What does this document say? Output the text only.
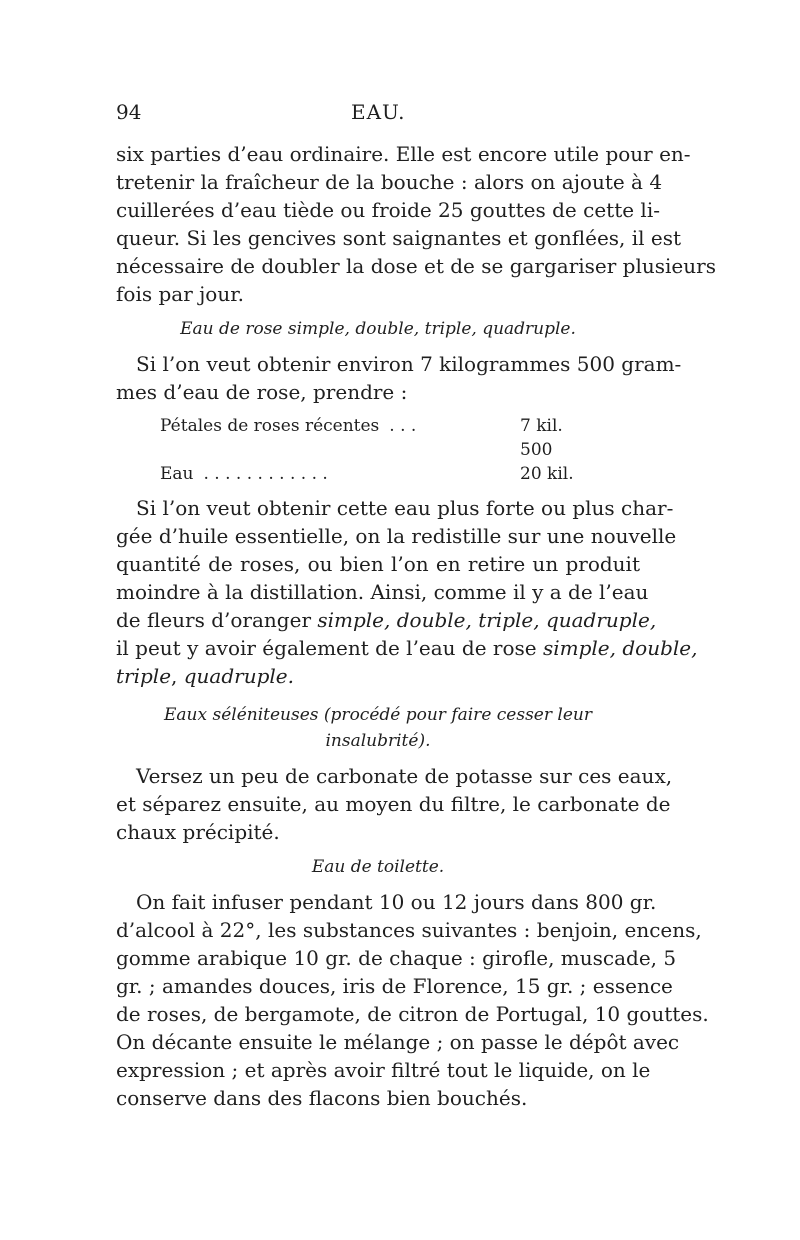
94	EAU.
six parties d’eau ordinaire. Elle est encore utile pour en-
tretenir la fraîcheur de la bouche : alors on ajoute à 4
cuillerées d’eau tiède ou froide 25 gouttes de cette li-
queur. Si les gencives sont saignantes et gonflées, il est
nécessaire de doubler la dose et de se gargariser plusieurs
fois par jour.
Eau de rose simple, double, triple, quadruple.
Si l’on veut obtenir environ 7 kilogrammes 500 gram-
mes d’eau de rose, prendre :
Pétales de roses récentes . . .	7 kil. 500
Eau . . . . . . . . . . . .	20 kil.
Si l’on veut obtenir cette eau plus forte ou plus char-
gée d’huile essentielle, on la redistille sur une nouvelle
quantité de roses, ou bien l’on en retire un produit
moindre à la distillation. Ainsi, comme il y a de l’eau
de fleurs d’oranger simple, double, triple, quadruple,
il peut y avoir également de l’eau de rose simple, double,
triple, quadruple.
Eaux séléniteuses (procédé pour faire cesser leur
insalubrité).
Versez un peu de carbonate de potasse sur ces eaux,
et séparez ensuite, au moyen du filtre, le carbonate de
chaux précipité.
Eau de toilette.
On fait infuser pendant 10 ou 12 jours dans 800 gr.
d’alcool à 22°, les substances suivantes : benjoin, encens,
gomme arabique 10 gr. de chaque : girofle, muscade, 5
gr. ; amandes douces, iris de Florence, 15 gr. ; essence
de roses, de bergamote, de citron de Portugal, 10 gouttes.
On décante ensuite le mélange ; on passe le dépôt avec
expression ; et après avoir filtré tout le liquide, on le
conserve dans des flacons bien bouchés.
